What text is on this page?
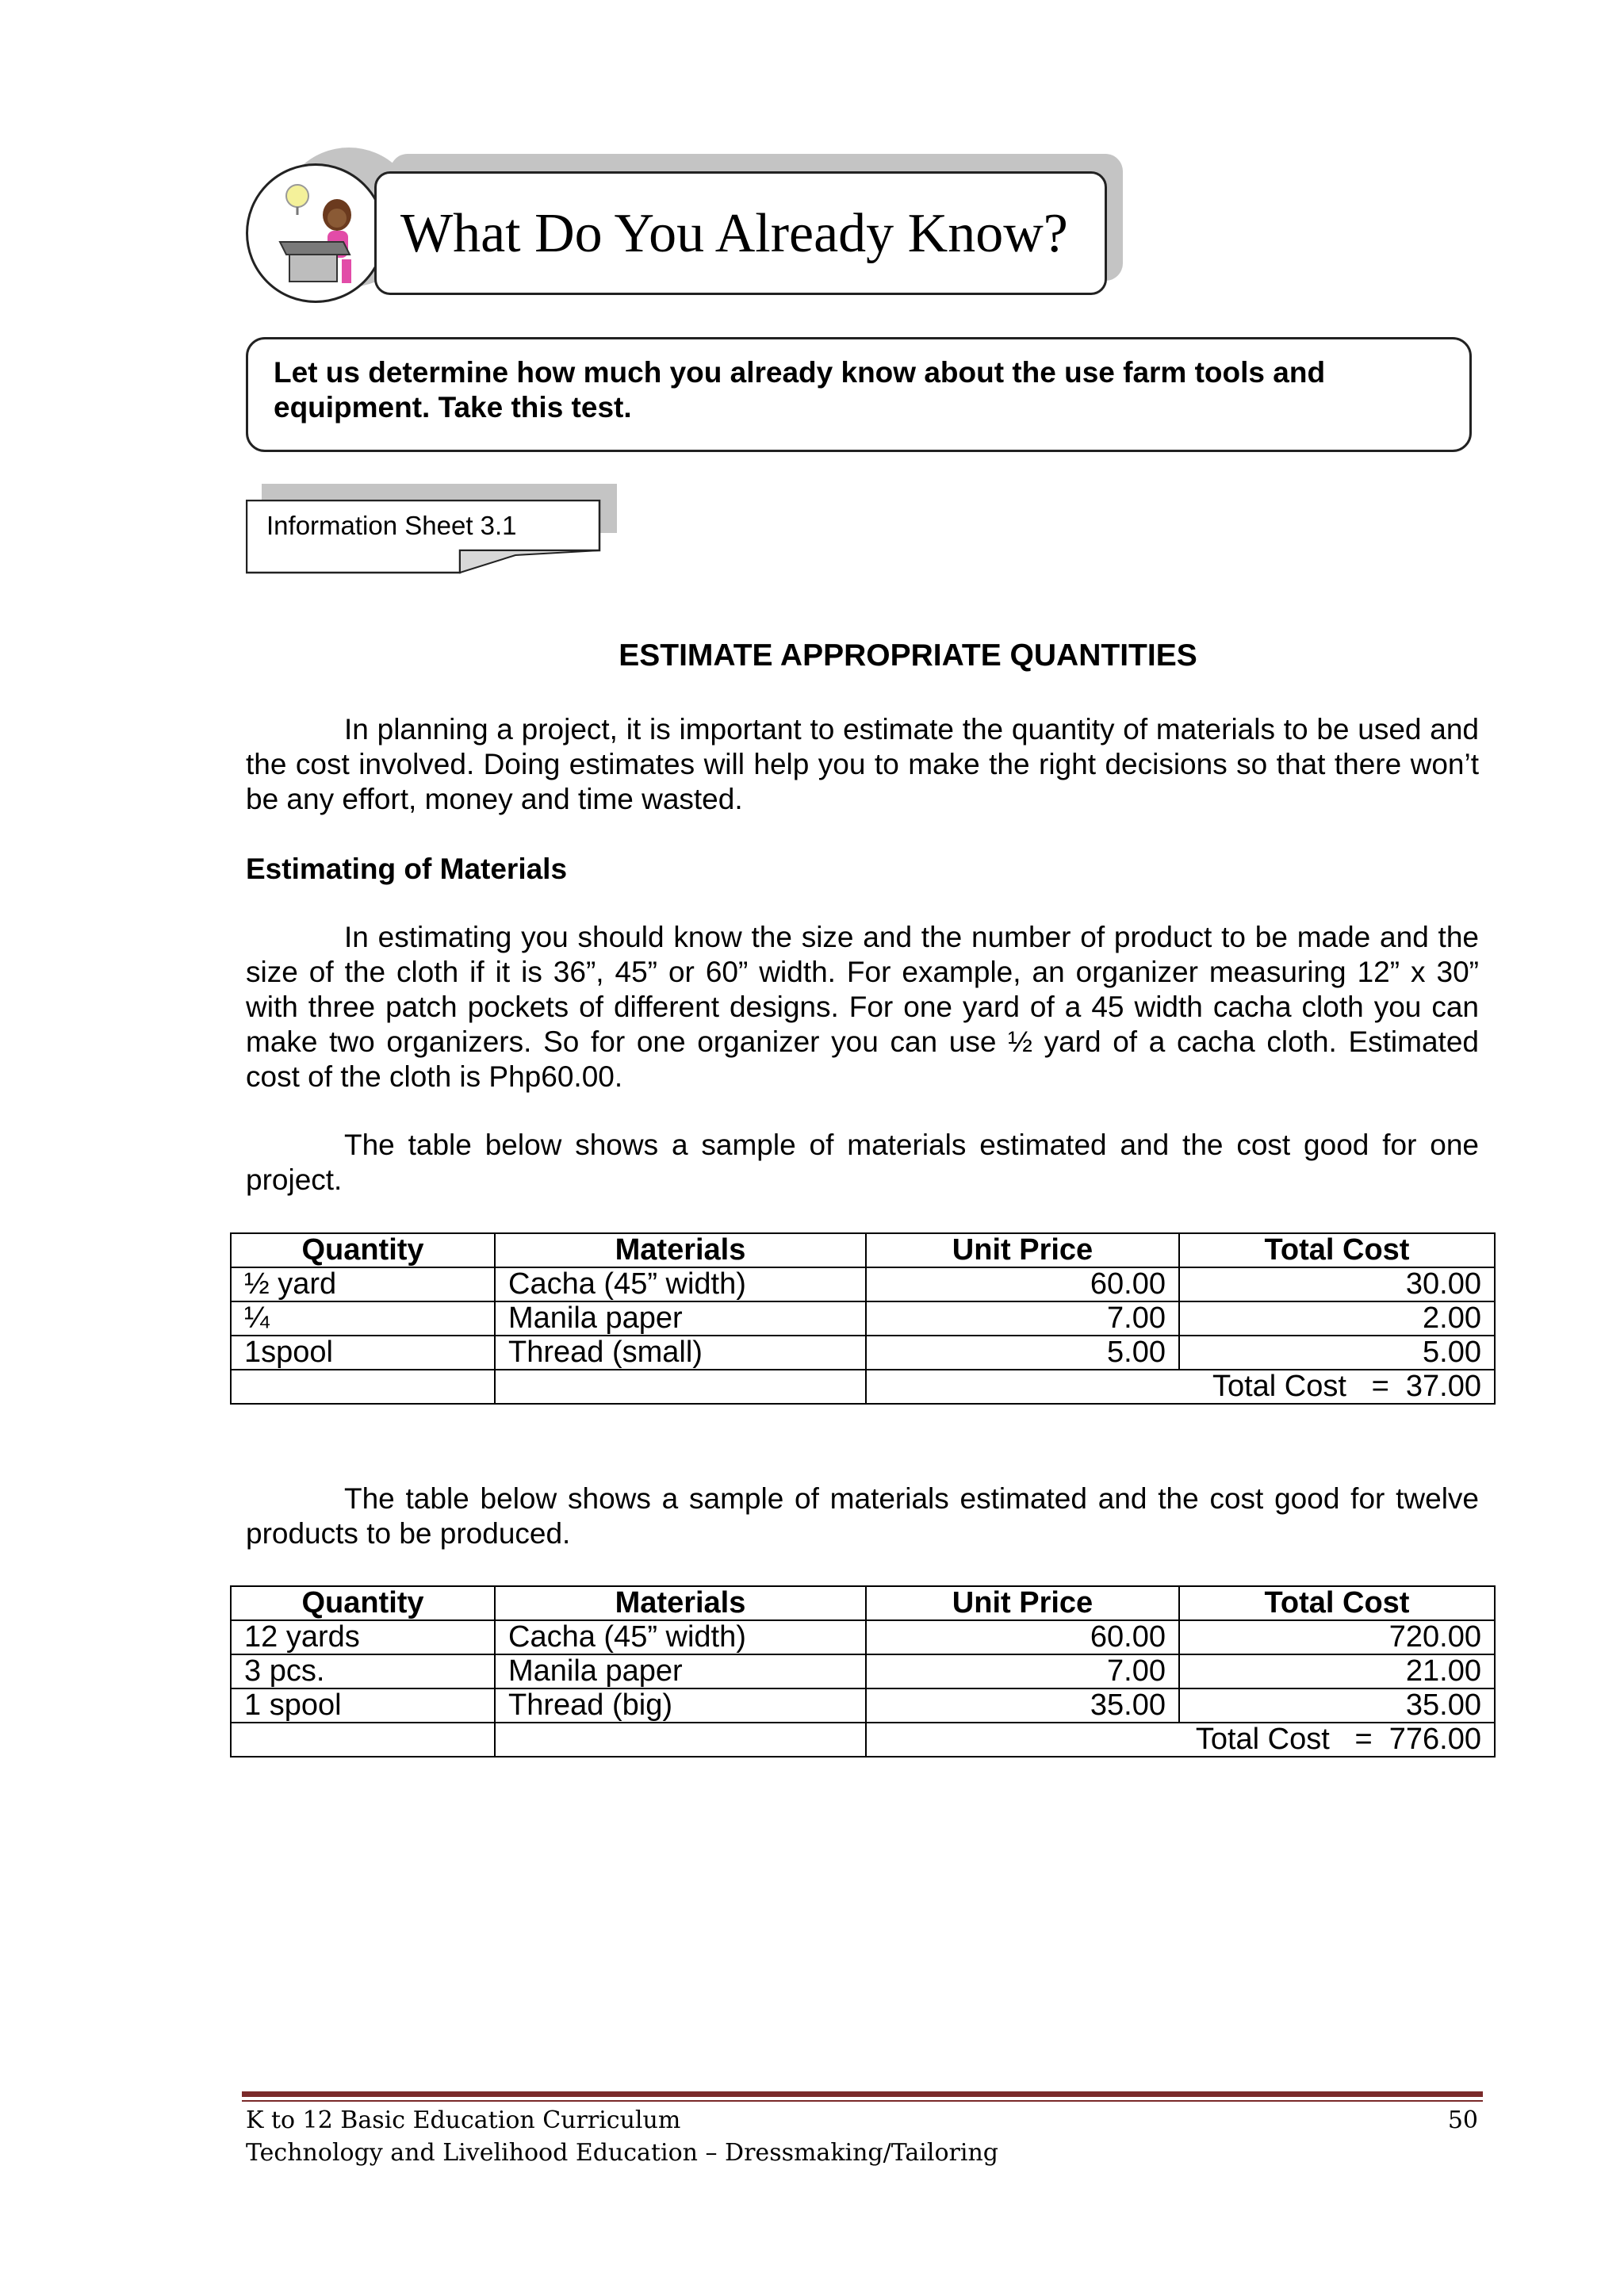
What Do You Already Know?
Let us determine how much you already know about the use farm tools and equipment. Take this test.
Information Sheet 3.1
ESTIMATE APPROPRIATE QUANTITIES
In planning a project, it is important to estimate the quantity of materials to be used and the cost involved. Doing estimates will help you to make the right decisions so that there won’t be any effort, money and time wasted.
Estimating of Materials
In estimating you should know the size and the number of product to be made and the size of the cloth if it is 36”, 45” or 60” width. For example, an organizer measuring 12” x 30” with three patch pockets of different designs. For one yard of a 45 width cacha cloth you can make two organizers. So for one organizer you can use ½ yard of a cacha cloth. Estimated cost of the cloth is Php60.00.
The table below shows a sample of materials estimated and the cost good for one project.
Quantity	Materials	Unit Price	Total Cost
½ yard	Cacha (45” width)	60.00	30.00
¼	Manila paper	7.00	2.00
1spool	Thread (small)	5.00	5.00
		Total Cost   =  37.00	
The table below shows a sample of materials estimated and the cost good for twelve products to be produced.
Quantity	Materials	Unit Price	Total Cost
12 yards	Cacha (45” width)	60.00	720.00
3 pcs.	Manila paper	7.00	21.00
1 spool	Thread (big)	35.00	35.00
		Total Cost   =  776.00	
K to 12 Basic Education Curriculum
Technology and Livelihood Education – Dressmaking/Tailoring
50
